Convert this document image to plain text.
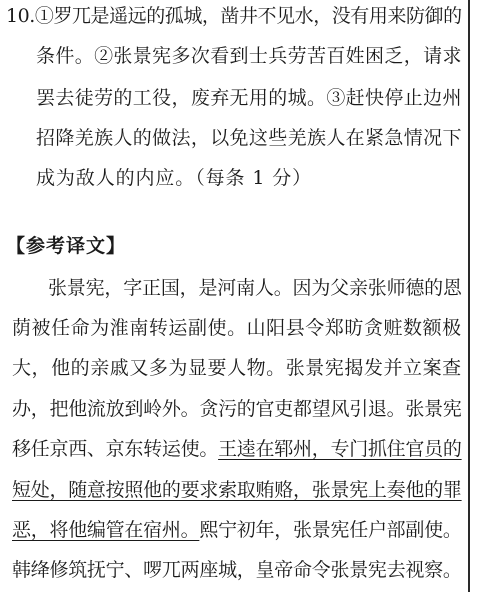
10.①罗兀是遥远的孤城，凿井不见水，没有用来防御的
条件。②张景宪多次看到士兵劳苦百姓困乏，请求
罢去徒劳的工役，废弃无用的城。③赶快停止边州
招降羌族人的做法，以免这些羌族人在紧急情况下
成为敌人的内应。（每条 1 分）
【参考译文】
张景宪，字正国，是河南人。因为父亲张师德的恩
荫被任命为淮南转运副使。山阳县令郑昉贪赃数额极
大，他的亲戚又多为显要人物。张景宪揭发并立案查
办，把他流放到岭外。贪污的官吏都望风引退。张景宪
移任京西、京东转运使。王逵在郓州，专门抓住官员的
短处，随意按照他的要求索取贿赂，张景宪上奏他的罪
恶，将他编管在宿州。熙宁初年，张景宪任户部副使。
韩绛修筑抚宁、啰兀两座城，皇帝命令张景宪去视察。
